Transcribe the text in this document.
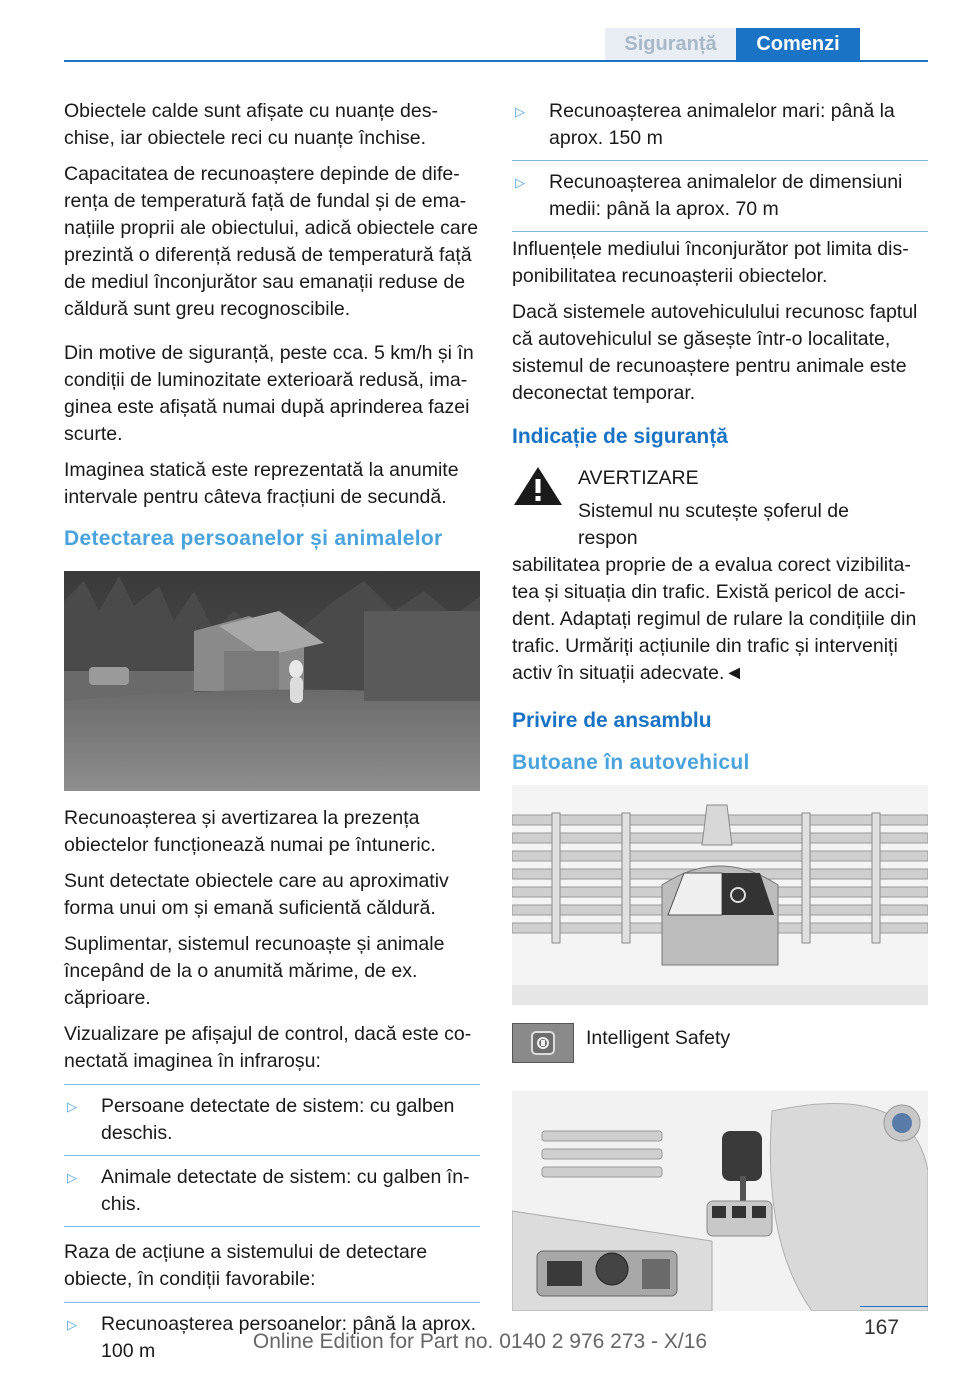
Siguranță Comenzi

Obiectele calde sunt afișate cu nuanțe deschise, iar obiectele reci cu nuanțe închise.

Capacitatea de recunoaștere depinde de diferența de temperatură față de fundal și de emanațiile proprii ale obiectului, adică obiectele care prezintă o diferență redusă de temperatură față de mediul înconjurător sau emanații reduse de căldură sunt greu recognoscibile.

Din motive de siguranță, peste cca. 5 km/h și în condiții de luminozitate exterioară redusă, imaginea este afișată numai după aprinderea fazei scurte.

Imaginea statică este reprezentată la anumite intervale pentru câteva fracțiuni de secundă.

Detectarea persoanelor și animalelor

Recunoașterea și avertizarea la prezența obiectelor funcționează numai pe întuneric.

Sunt detectate obiectele care au aproximativ forma unui om și emană suficientă căldură.

Suplimentar, sistemul recunoaște și animale începând de la o anumită mărime, de ex. căprioare.

Vizualizare pe afișajul de control, dacă este conectată imaginea în infraroșu:

▷	Persoane detectate de sistem: cu galben deschis.
▷	Animale detectate de sistem: cu galben închis.

Raza de acțiune a sistemului de detectare obiecte, în condiții favorabile:

▷	Recunoașterea persoanelor: până la aprox. 100 m
▷	Recunoașterea animalelor mari: până la aprox. 150 m
▷	Recunoașterea animalelor de dimensiuni medii: până la aprox. 70 m

Influențele mediului înconjurător pot limita disponibilitatea recunoașterii obiectelor.

Dacă sistemele autovehiculului recunosc faptul că autovehiculul se găsește într-o localitate, sistemul de recunoaștere pentru animale este deconectat temporar.

Indicație de siguranță
AVERTIZARE
Sistemul nu scutește șoferul de respon

sabilitatea proprie de a evalua corect vizibilitatea și situația din trafic. Există pericol de accident. Adaptați regimul de rulare la condițiile din trafic. Urmăriți acțiunile din trafic și interveniți activ în situații adecvate.◄

Privire de ansamblu
Butoane în autovehicul
Intelligent Safety
167
Online Edition for Part no. 0140 2 976 273 - X/16
